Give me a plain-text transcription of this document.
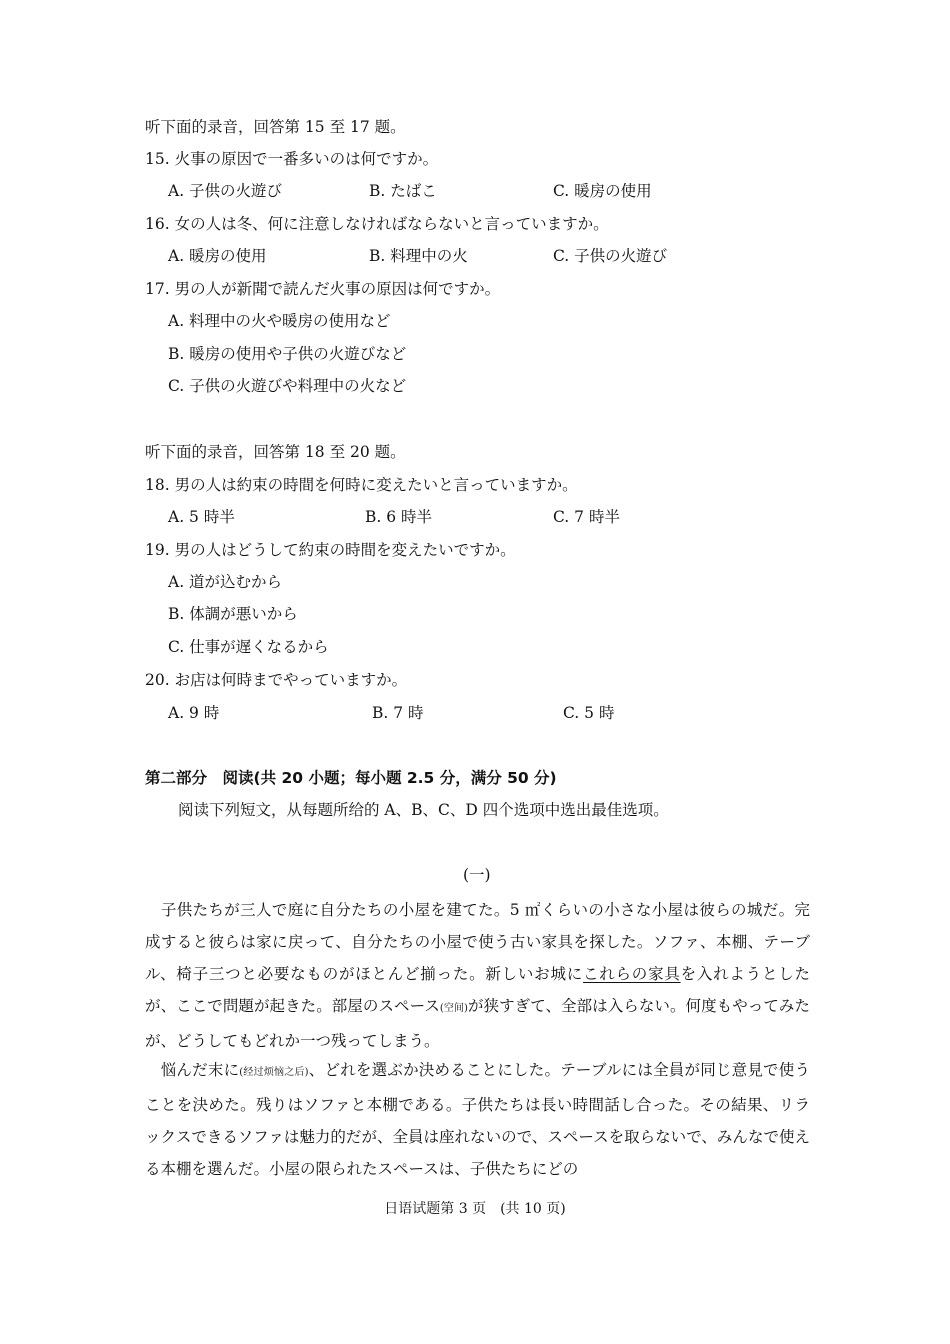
听下面的录音，回答第 15 至 17 题。
15. 火事の原因で一番多いのは何ですか。
A. 子供の火遊び	B. たばこ	C. 暖房の使用
16. 女の人は冬、何に注意しなければならないと言っていますか。
A. 暖房の使用	B. 料理中の火	C. 子供の火遊び
17. 男の人が新聞で読んだ火事の原因は何ですか。
A. 料理中の火や暖房の使用など
B. 暖房の使用や子供の火遊びなど
C. 子供の火遊びや料理中の火など
听下面的录音，回答第 18 至 20 题。
18. 男の人は約束の時間を何時に変えたいと言っていますか。
A. 5 時半	B. 6 時半	C. 7 時半
19. 男の人はどうして約束の時間を変えたいですか。
A. 道が込むから
B. 体調が悪いから
C. 仕事が遅くなるから
20. お店は何時までやっていますか。
A. 9 時	B. 7 時	C. 5 時
第二部分　阅读(共 20 小题；每小题 2.5 分，满分 50 分)
阅读下列短文，从每题所给的 A、B、C、D 四个选项中选出最佳选项。
(一)
　子供たちが三人で庭に自分たちの小屋を建てた。5 ㎡くらいの小さな小屋は彼らの城だ。完成すると彼らは家に戻って、自分たちの小屋で使う古い家具を探した。ソファ、本棚、テーブル、椅子三つと必要なものがほとんど揃った。新しいお城にこれらの家具を入れようとしたが、ここで問題が起きた。部屋のスペース(空间)が狭すぎて、全部は入らない。何度もやってみたが、どうしてもどれか一つ残ってしまう。
　悩んだ末に(经过烦恼之后)、どれを選ぶか決めることにした。テーブルには全員が同じ意見で使うことを決めた。残りはソファと本棚である。子供たちは長い時間話し合った。その結果、リラックスできるソファは魅力的だが、全員は座れないので、スペースを取らないで、みんなで使える本棚を選んだ。小屋の限られたスペースは、子供たちにどの
日语试题第 3 页　(共 10 页)
